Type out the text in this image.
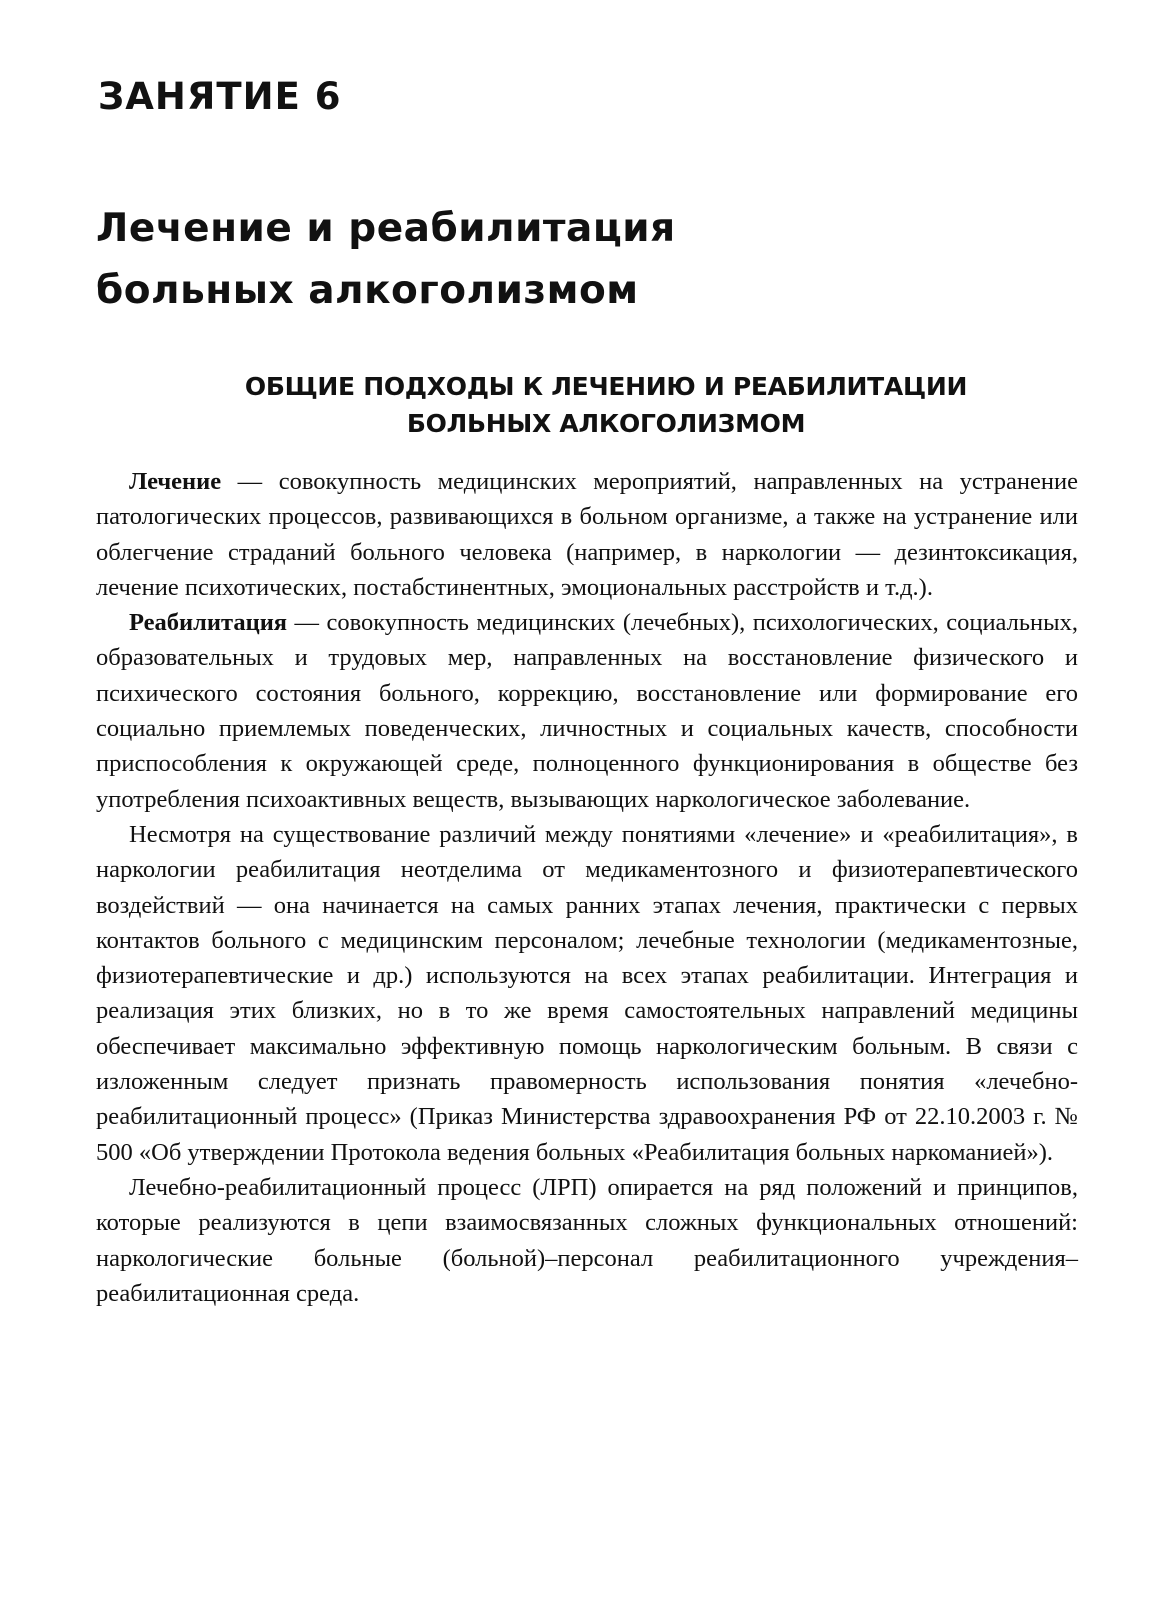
ЗАНЯТИЕ 6
Лечение и реабилитация
больных алкоголизмом
ОБЩИЕ ПОДХОДЫ К ЛЕЧЕНИЮ И РЕАБИЛИТАЦИИ
БОЛЬНЫХ АЛКОГОЛИЗМОМ

Лечение — совокупность медицинских мероприятий, направленных на устранение патологических процессов, развивающихся в больном организме, а также на устранение или облегчение страданий больного человека (например, в наркологии — дезинтоксикация, лечение психотических, постабстинентных, эмоциональных расстройств и т.д.).

Реабилитация — совокупность медицинских (лечебных), психологических, социальных, образовательных и трудовых мер, направленных на восстановление физического и психического состояния больного, коррекцию, восстановление или формирование его социально приемлемых поведенческих, личностных и социальных качеств, способности приспособления к окружающей среде, полноценного функционирования в обществе без употребления психоактивных веществ, вызывающих наркологическое заболевание.

Несмотря на существование различий между понятиями «лечение» и «реабилитация», в наркологии реабилитация неотделима от медикаментозного и физиотерапевтического воздействий — она начинается на самых ранних этапах лечения, практически с первых контактов больного с медицинским персоналом; лечебные технологии (медикаментозные, физиотерапевтические и др.) используются на всех этапах реабилитации. Интеграция и реализация этих близких, но в то же время самостоятельных направлений медицины обеспечивает максимально эффективную помощь наркологическим больным. В связи с изложенным следует признать правомерность использования понятия «лечебно-реабилитационный процесс» (Приказ Министерства здравоохранения РФ от 22.10.2003 г. № 500 «Об утверждении Протокола ведения больных «Реабилитация больных наркоманией»).

Лечебно-реабилитационный процесс (ЛРП) опирается на ряд положений и принципов, которые реализуются в цепи взаимосвязанных сложных функциональных отношений: наркологические больные (больной)–персонал реабилитационного учреждения–реабилитационная среда.
